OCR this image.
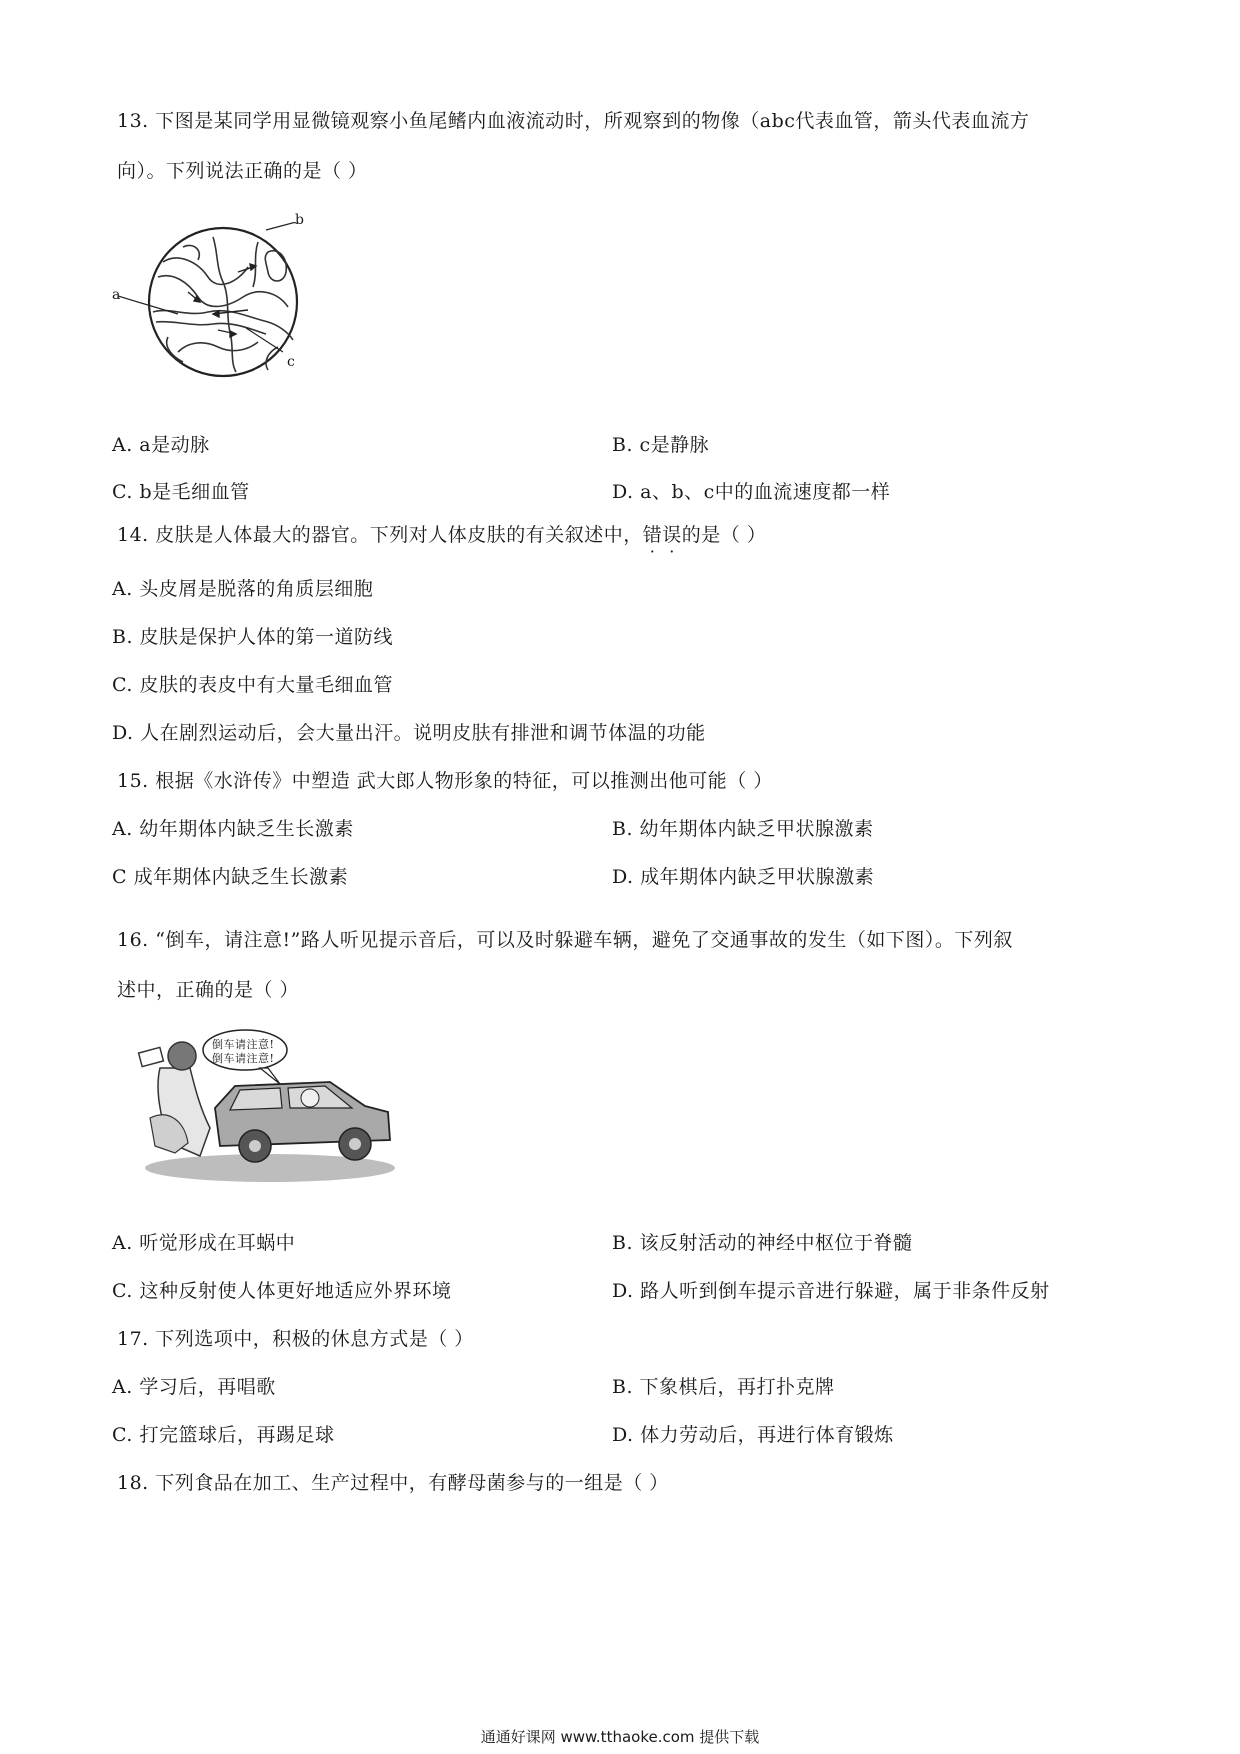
13. 下图是某同学用显微镜观察小鱼尾鳍内血液流动时，所观察到的物像（abc代表血管，箭头代表血流方
向）。下列说法正确的是（ ）
a
b
c
A. a是动脉	B. c是静脉
C. b是毛细血管	D. a、b、c中的血流速度都一样
14. 皮肤是人体最大的器官。下列对人体皮肤的有关叙述中，错误的是（ ）
A. 头皮屑是脱落的角质层细胞
B. 皮肤是保护人体的第一道防线
C. 皮肤的表皮中有大量毛细血管
D. 人在剧烈运动后，会大量出汗。说明皮肤有排泄和调节体温的功能
15. 根据《水浒传》中塑造 武大郎人物形象的特征，可以推测出他可能（ ）
A. 幼年期体内缺乏生长激素	B. 幼年期体内缺乏甲状腺激素
C 成年期体内缺乏生长激素	D. 成年期体内缺乏甲状腺激素
16. “倒车，请注意!”路人听见提示音后，可以及时躲避车辆，避免了交通事故的发生（如下图）。下列叙
述中，正确的是（ ）
倒车请注意!
倒车请注意!
A. 听觉形成在耳蜗中	B. 该反射活动的神经中枢位于脊髓
C. 这种反射使人体更好地适应外界环境	D. 路人听到倒车提示音进行躲避，属于非条件反射
17. 下列选项中，积极的休息方式是（ ）
A. 学习后，再唱歌	B. 下象棋后，再打扑克牌
C. 打完篮球后，再踢足球	D. 体力劳动后，再进行体育锻炼
18. 下列食品在加工、生产过程中，有酵母菌参与的一组是（ ）
通通好课网 www.tthaoke.com 提供下载
